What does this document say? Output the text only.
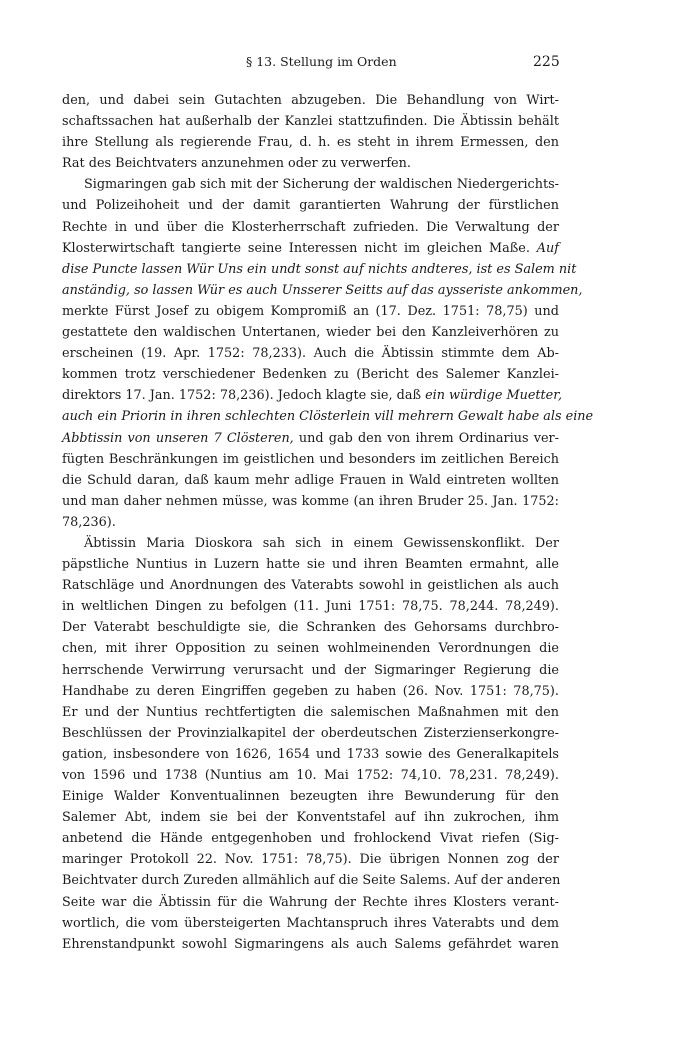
§ 13. Stellung im Orden	225
den, und dabei sein Gutachten abzugeben. Die Behandlung von Wirt-
schaftssachen hat außerhalb der Kanzlei stattzufinden. Die Äbtissin behält
ihre Stellung als regierende Frau, d. h. es steht in ihrem Ermessen, den
Rat des Beichtvaters anzunehmen oder zu verwerfen.
Sigmaringen gab sich mit der Sicherung der waldischen Niedergerichts-
und Polizeihoheit und der damit garantierten Wahrung der fürstlichen
Rechte in und über die Klosterherrschaft zufrieden. Die Verwaltung der
Klosterwirtschaft tangierte seine Interessen nicht im gleichen Maße. Auf
dise Puncte lassen Wür Uns ein undt sonst auf nichts andteres, ist es Salem nit
anständig, so lassen Wür es auch Unsserer Seitts auf das aysseriste ankommen,
merkte Fürst Josef zu obigem Kompromiß an (17. Dez. 1751: 78,75) und
gestattete den waldischen Untertanen, wieder bei den Kanzleiverhören zu
erscheinen (19. Apr. 1752: 78,233). Auch die Äbtissin stimmte dem Ab-
kommen trotz verschiedener Bedenken zu (Bericht des Salemer Kanzlei-
direktors 17. Jan. 1752: 78,236). Jedoch klagte sie, daß ein würdige Muetter,
auch ein Priorin in ihren schlechten Clösterlein vill mehrern Gewalt habe als eine
Abbtissin von unseren 7 Clösteren, und gab den von ihrem Ordinarius ver-
fügten Beschränkungen im geistlichen und besonders im zeitlichen Bereich
die Schuld daran, daß kaum mehr adlige Frauen in Wald eintreten wollten
und man daher nehmen müsse, was komme (an ihren Bruder 25. Jan. 1752:
78,236).
Äbtissin Maria Dioskora sah sich in einem Gewissenskonflikt. Der
päpstliche Nuntius in Luzern hatte sie und ihren Beamten ermahnt, alle
Ratschläge und Anordnungen des Vaterabts sowohl in geistlichen als auch
in weltlichen Dingen zu befolgen (11. Juni 1751: 78,75. 78,244. 78,249).
Der Vaterabt beschuldigte sie, die Schranken des Gehorsams durchbro-
chen, mit ihrer Opposition zu seinen wohlmeinenden Verordnungen die
herrschende Verwirrung verursacht und der Sigmaringer Regierung die
Handhabe zu deren Eingriffen gegeben zu haben (26. Nov. 1751: 78,75).
Er und der Nuntius rechtfertigten die salemischen Maßnahmen mit den
Beschlüssen der Provinzialkapitel der oberdeutschen Zisterzienserkongre-
gation, insbesondere von 1626, 1654 und 1733 sowie des Generalkapitels
von 1596 und 1738 (Nuntius am 10. Mai 1752: 74,10. 78,231. 78,249).
Einige Walder Konventualinnen bezeugten ihre Bewunderung für den
Salemer Abt, indem sie bei der Konventstafel auf ihn zukrochen, ihm
anbetend die Hände entgegenhoben und frohlockend Vivat riefen (Sig-
maringer Protokoll 22. Nov. 1751: 78,75). Die übrigen Nonnen zog der
Beichtvater durch Zureden allmählich auf die Seite Salems. Auf der anderen
Seite war die Äbtissin für die Wahrung der Rechte ihres Klosters verant-
wortlich, die vom übersteigerten Machtanspruch ihres Vaterabts und dem
Ehrenstandpunkt sowohl Sigmaringens als auch Salems gefährdet waren
